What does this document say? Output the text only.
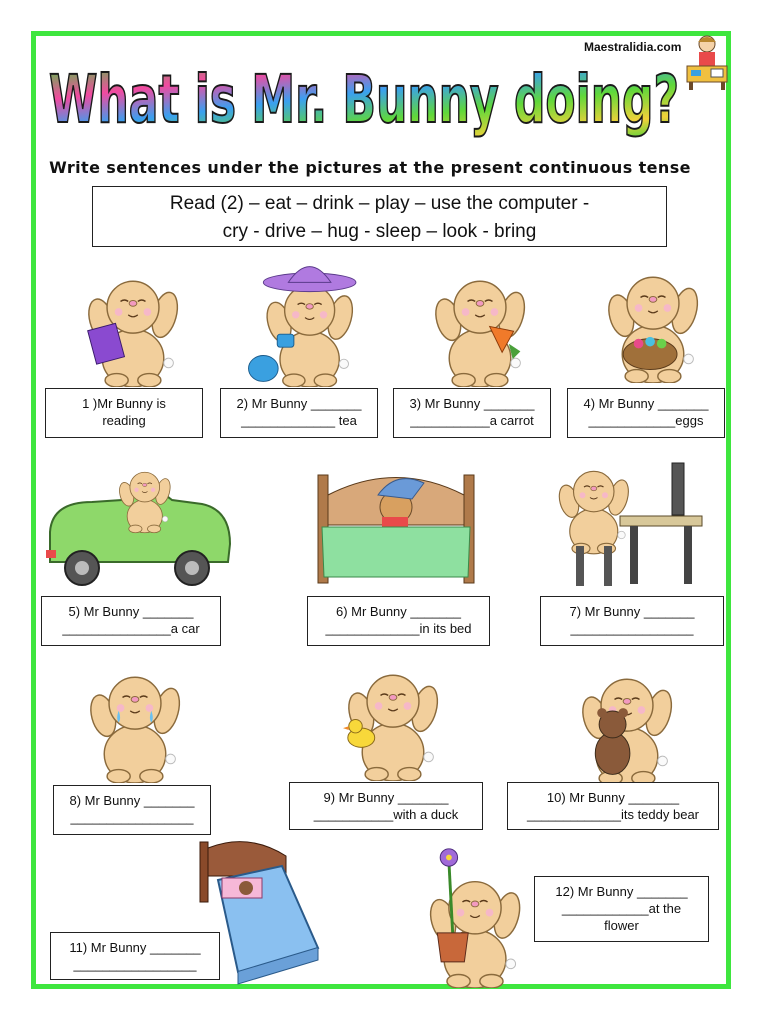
Maestralidia.com
What is Mr. Bunny doing?
Write sentences under the pictures at the present continuous tense
Read (2) – eat – drink – play – use the computer -
cry - drive – hug - sleep – look - bring
1 )Mr Bunny is
reading
2) Mr Bunny _______
_____________ tea
3) Mr Bunny _______
___________a carrot
4) Mr Bunny _______
____________eggs
5) Mr Bunny _______
_______________a car
6) Mr Bunny _______
_____________in its bed
7) Mr Bunny _______
_________________
8) Mr Bunny _______
_________________
9) Mr Bunny _______
___________with a duck
10) Mr Bunny _______
_____________its teddy bear
11) Mr Bunny _______
_________________
12) Mr Bunny _______
____________at the
flower
